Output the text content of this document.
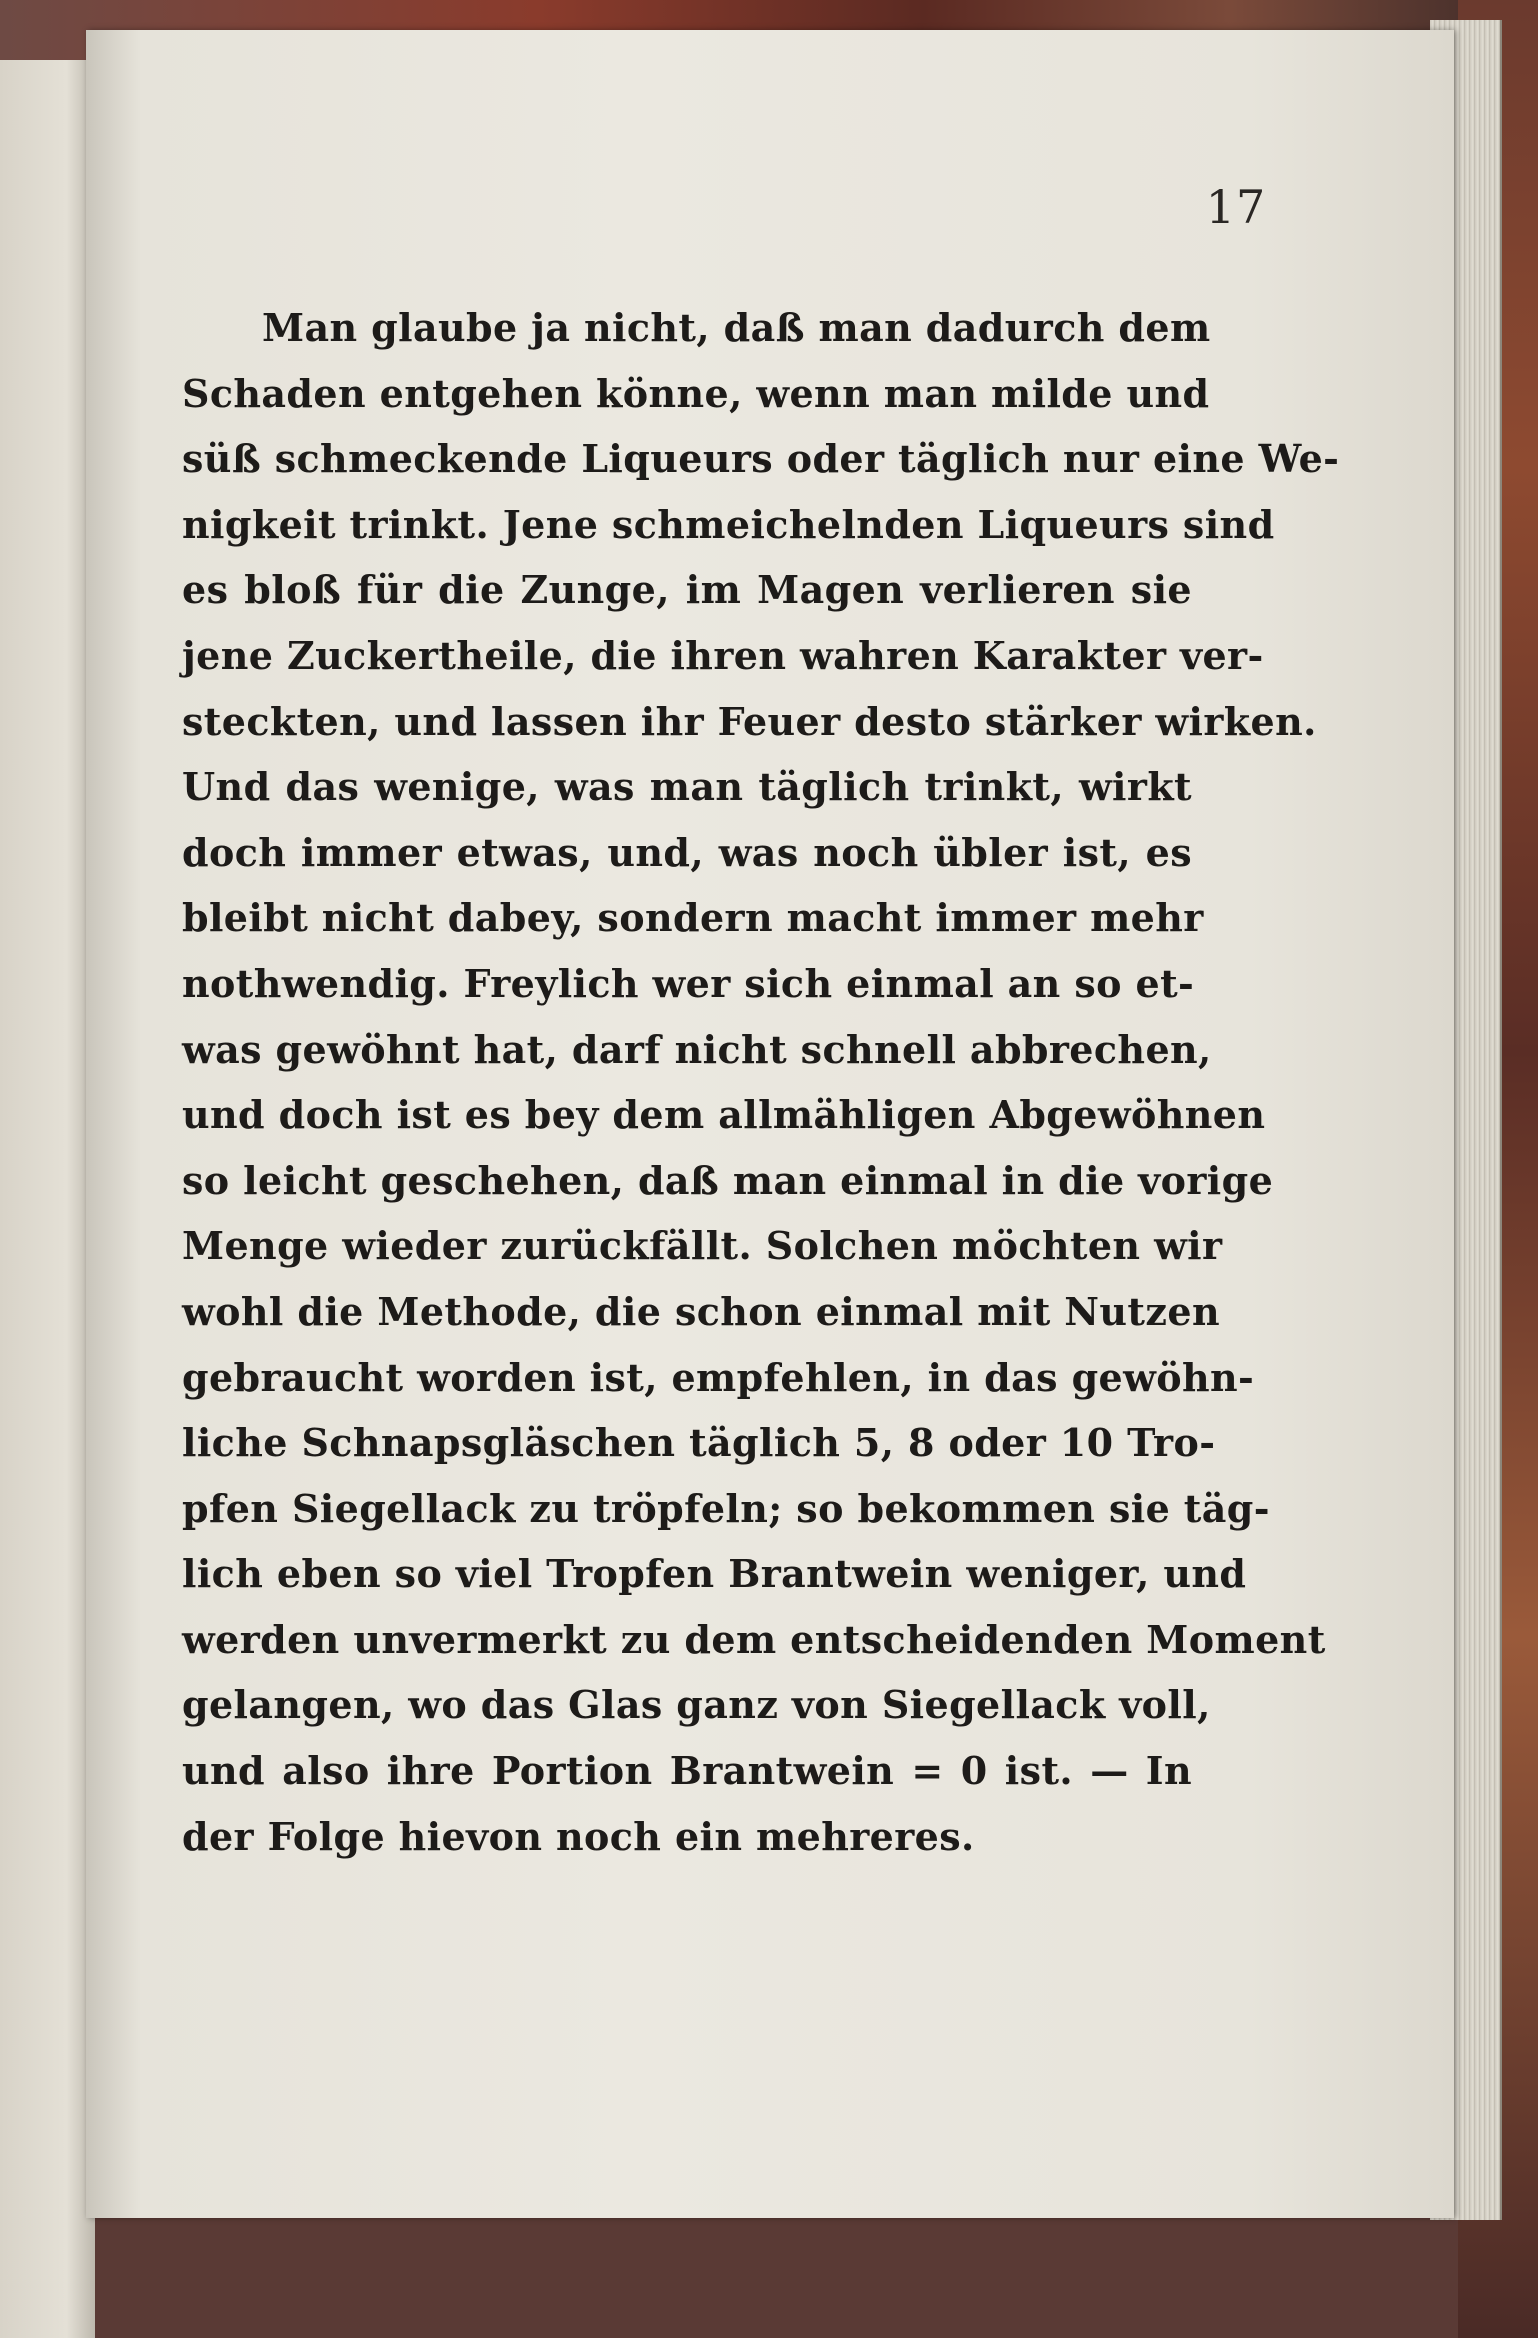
17
Man glaube ja nicht, daß man dadurch dem
Schaden entgehen könne, wenn man milde und
süß schmeckende Liqueurs oder täglich nur eine We-
nigkeit trinkt. Jene schmeichelnden Liqueurs sind
es bloß für die Zunge, im Magen verlieren sie
jene Zuckertheile, die ihren wahren Karakter ver-
steckten, und lassen ihr Feuer desto stärker wirken.
Und das wenige, was man täglich trinkt, wirkt
doch immer etwas, und, was noch übler ist, es
bleibt nicht dabey, sondern macht immer mehr
nothwendig. Freylich wer sich einmal an so et-
was gewöhnt hat, darf nicht schnell abbrechen,
und doch ist es bey dem allmähligen Abgewöhnen
so leicht geschehen, daß man einmal in die vorige
Menge wieder zurückfällt. Solchen möchten wir
wohl die Methode, die schon einmal mit Nutzen
gebraucht worden ist, empfehlen, in das gewöhn-
liche Schnapsgläschen täglich 5, 8 oder 10 Tro-
pfen Siegellack zu tröpfeln; so bekommen sie täg-
lich eben so viel Tropfen Brantwein weniger, und
werden unvermerkt zu dem entscheidenden Moment
gelangen, wo das Glas ganz von Siegellack voll,
und also ihre Portion Brantwein = 0 ist. — In
der Folge hievon noch ein mehreres.
